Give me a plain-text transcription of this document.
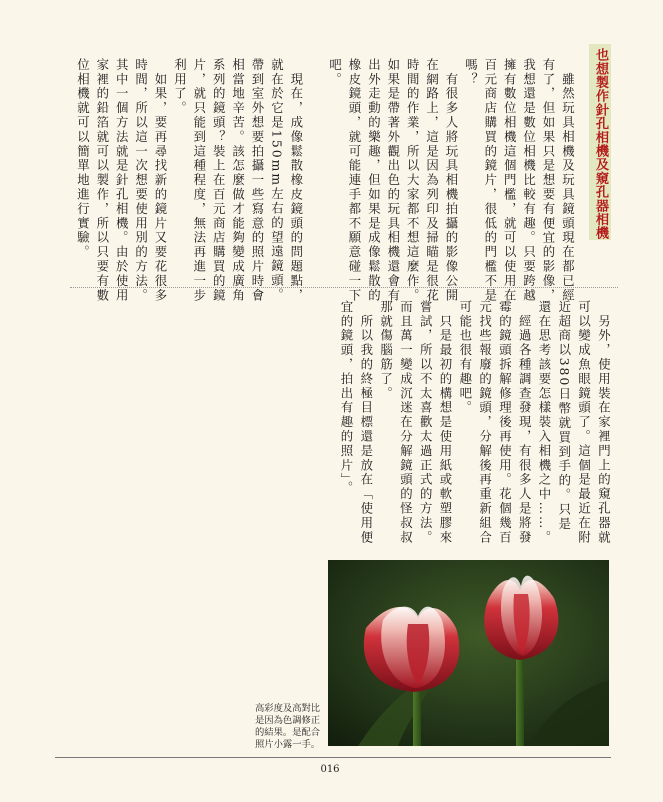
也想製作針孔相機及窺孔器相機
　雖然玩具相機及玩具鏡頭現在都已經
有了，但如果只是想要有便宜的影像，
我想還是數位相機比較有趣。只要跨越
擁有數位相機這個門檻，就可以使用在
百元商店購買的鏡片，很低的門檻不是
嗎？
　有很多人將玩具相機拍攝的影像公開
在網路上，這是因為列印及掃瞄是很花
時間的作業，所以大家都不想這麼作。
如果是帶著外觀出色的玩具相機還會有
出外走動的樂趣，但如果是成像鬆散的
橡皮鏡頭，就可能連手都不願意碰一下
吧。
　現在，成像鬆散橡皮鏡頭的問題點，
就在於它是150mm左右的望遠鏡頭。
帶到室外想要拍攝一些寫意的照片時會
相當地辛苦。該怎麼做才能夠變成廣角
系列的鏡頭？裝上在百元商店購買的鏡
片，就只能到這種程度，無法再進一步
利用了。
　如果，要再尋找新的鏡片又要花很多
時間，所以這一次想要使用別的方法。
其中一個方法就是針孔相機。由於使用
家裡的鉛箔就可以製作，所以只要有數
位相機就可以簡單地進行實驗。
　另外，使用裝在家裡門上的窺孔器就
可以變成魚眼鏡頭了。這個是最近在附
近超商以380日幣就買到手的。只是
還在思考該要怎樣裝入相機之中……。
　經過各種調查發現，有很多人是將發
霉的鏡頭拆解修理後再使用。花個幾百
元找些報廢的鏡頭，分解後再重新組合
可能也很有趣吧。
　只是最初的構想是使用紙或軟塑膠來
嘗試，所以不太喜歡太過正式的方法。
而且萬一變成沉迷在分解鏡頭的怪叔叔
那就傷腦筋了。
　所以我的終極目標還是放在「使用便
宜的鏡頭，拍出有趣的照片」。
高彩度及高對比是因為色調修正的結果。是配合照片小露一手。
016
